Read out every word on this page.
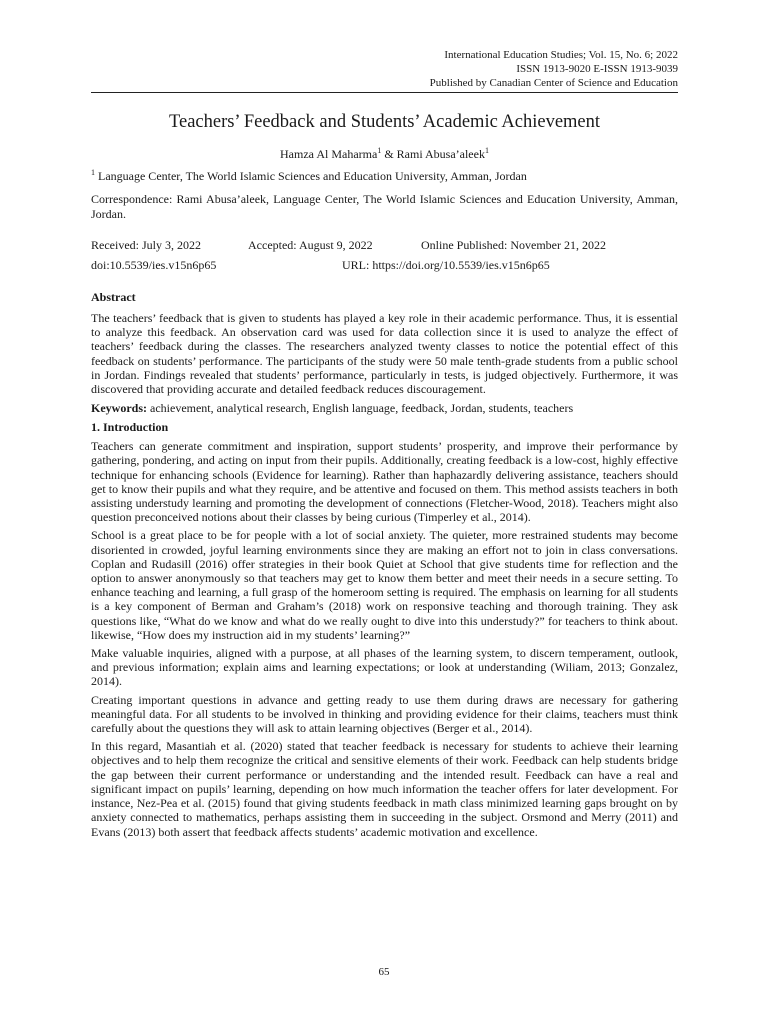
International Education Studies; Vol. 15, No. 6; 2022
ISSN 1913-9020 E-ISSN 1913-9039
Published by Canadian Center of Science and Education
Teachers’ Feedback and Students’ Academic Achievement
Hamza Al Maharma$^1$ & Rami Abusa’aleek$^1$
$^1$ Language Center, The World Islamic Sciences and Education University, Amman, Jordan
Correspondence: Rami Abusa’aleek, Language Center, The World Islamic Sciences and Education University, Amman, Jordan.
Received: July 3, 2022	Accepted: August 9, 2022	Online Published: November 21, 2022
doi:10.5539/ies.v15n6p65	URL: https://doi.org/10.5539/ies.v15n6p65
Abstract

The teachers’ feedback that is given to students has played a key role in their academic performance. Thus, it is essential to analyze this feedback. An observation card was used for data collection since it is used to analyze the effect of teachers’ feedback during the classes. The researchers analyzed twenty classes to notice the potential effect of this feedback on students’ performance. The participants of the study were 50 male tenth-grade students from a public school in Jordan. Findings revealed that students’ performance, particularly in tests, is judged objectively. Furthermore, it was discovered that providing accurate and detailed feedback reduces discouragement.

Keywords: achievement, analytical research, English language, feedback, Jordan, students, teachers
1. Introduction

Teachers can generate commitment and inspiration, support students’ prosperity, and improve their performance by gathering, pondering, and acting on input from their pupils. Additionally, creating feedback is a low-cost, highly effective technique for enhancing schools (Evidence for learning). Rather than haphazardly delivering assistance, teachers should get to know their pupils and what they require, and be attentive and focused on them. This method assists teachers in both assisting understudy learning and promoting the development of connections (Fletcher-Wood, 2018). Teachers might also question preconceived notions about their classes by being curious (Timperley et al., 2014).

School is a great place to be for people with a lot of social anxiety. The quieter, more restrained students may become disoriented in crowded, joyful learning environments since they are making an effort not to join in class conversations. Coplan and Rudasill (2016) offer strategies in their book Quiet at School that give students time for reflection and the option to answer anonymously so that teachers may get to know them better and meet their needs in a secure setting. To enhance teaching and learning, a full grasp of the homeroom setting is required. The emphasis on learning for all students is a key component of Berman and Graham’s (2018) work on responsive teaching and thorough training. They ask questions like, “What do we know and what do we really ought to dive into this understudy?” for teachers to think about. likewise, “How does my instruction aid in my students’ learning?”

Make valuable inquiries, aligned with a purpose, at all phases of the learning system, to discern temperament, outlook, and previous information; explain aims and learning expectations; or look at understanding (Wiliam, 2013; Gonzalez, 2014).

Creating important questions in advance and getting ready to use them during draws are necessary for gathering meaningful data. For all students to be involved in thinking and providing evidence for their claims, teachers must think carefully about the questions they will ask to attain learning objectives (Berger et al., 2014).

In this regard, Masantiah et al. (2020) stated that teacher feedback is necessary for students to achieve their learning objectives and to help them recognize the critical and sensitive elements of their work. Feedback can help students bridge the gap between their current performance or understanding and the intended result. Feedback can have a real and significant impact on pupils’ learning, depending on how much information the teacher offers for later development. For instance, Nez-Pea et al. (2015) found that giving students feedback in math class minimized learning gaps brought on by anxiety connected to mathematics, perhaps assisting them in succeeding in the subject. Orsmond and Merry (2011) and Evans (2013) both assert that feedback affects students’ academic motivation and excellence.

65
